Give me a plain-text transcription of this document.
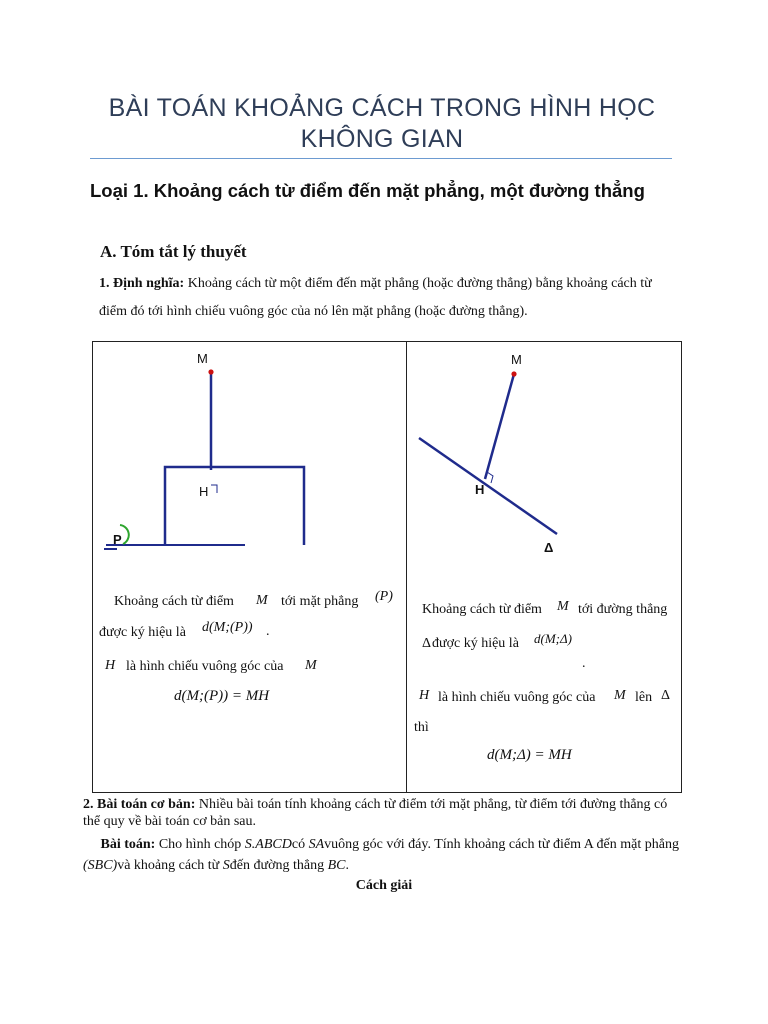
BÀI TOÁN KHOẢNG CÁCH TRONG HÌNH HỌC KHÔNG GIAN
Loại 1. Khoảng cách từ điểm đến mặt phẳng, một đường thẳng
A. Tóm tắt lý thuyết
1. Định nghĩa: Khoảng cách từ một điểm đến mặt phẳng (hoặc đường thẳng) bằng khoảng cách từ điểm đó tới hình chiếu vuông góc của nó lên mặt phẳng (hoặc đường thẳng).
M
H
P
M
H
Δ
Khoảng cách từ điểm M tới mặt phẳng (P)
được ký hiệu là d(M;(P)) .
H là hình chiếu vuông góc của M
d(M;(P)) = MH
Khoảng cách từ điểm M tới đường thẳng
Δ được ký hiệu là d(M;Δ)
.
H là hình chiếu vuông góc của M lên Δ
thì
d(M;Δ) = MH
2. Bài toán cơ bản: Nhiều bài toán tính khoảng cách từ điểm tới mặt phẳng, từ điểm tới đường thẳng có thể quy về bài toán cơ bản sau.
Bài toán: Cho hình chóp S.ABCDcó SAvuông góc với đáy. Tính khoảng cách từ điểm A đến mặt phẳng (SBC)và khoảng cách từ Sđến đường thẳng BC.
Cách giải
